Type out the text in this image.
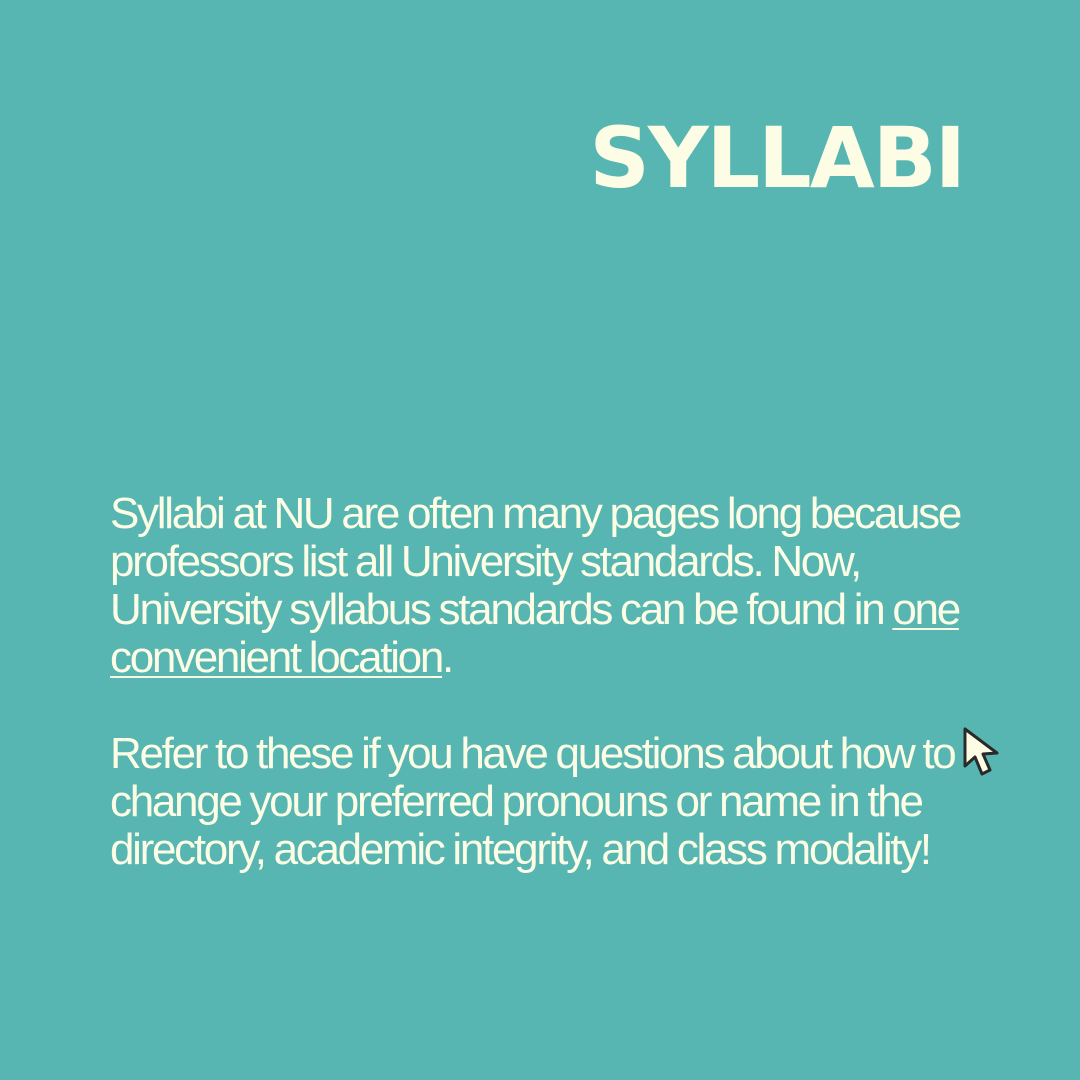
SYLLABI

Syllabi at NU are often many pages long because professors list all University standards. Now, University syllabus standards can be found in one convenient location.

Refer to these if you have questions about how to change your preferred pronouns or name in the directory, academic integrity, and class modality!
